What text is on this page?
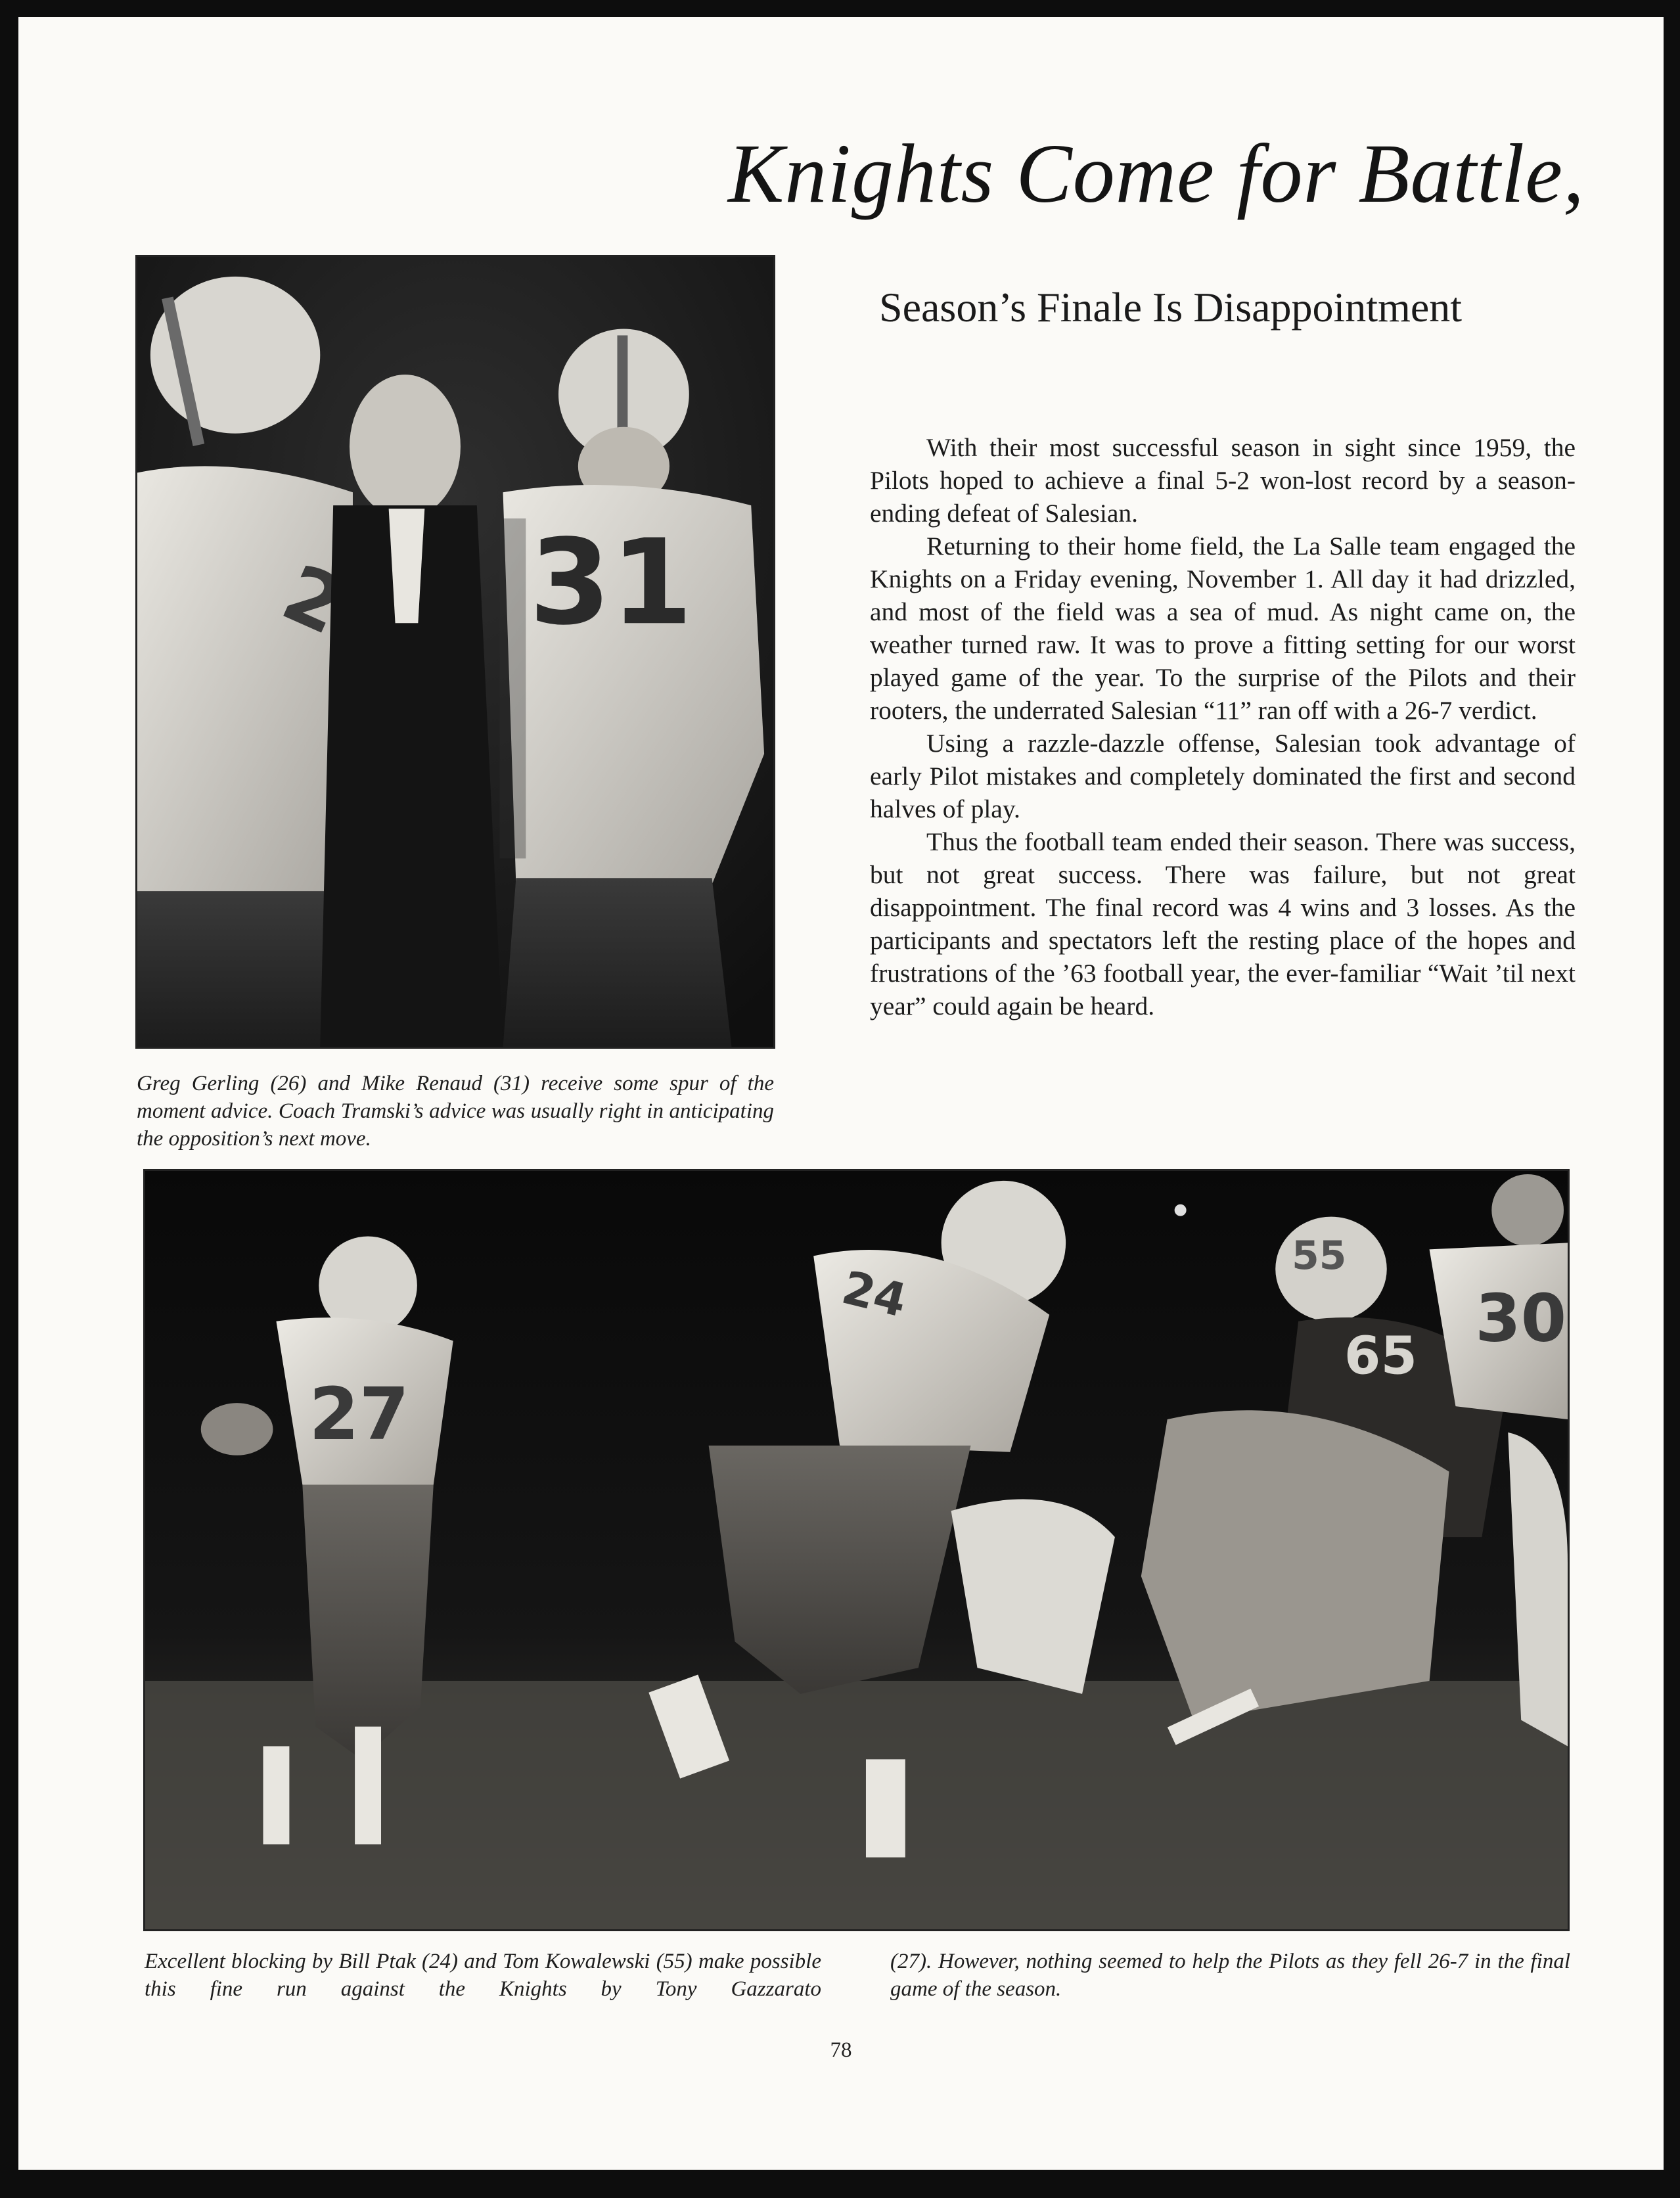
Knights Come for Battle,
Season’s Finale Is Disappointment

With their most successful season in sight since 1959, the Pilots hoped to achieve a final 5-2 won-lost record by a season-ending defeat of Salesian.

Returning to their home field, the La Salle team engaged the Knights on a Friday evening, November 1. All day it had drizzled, and most of the field was a sea of mud. As night came on, the weather turned raw. It was to prove a fitting setting for our worst played game of the year. To the surprise of the Pilots and their rooters, the underrated Salesian “11” ran off with a 26-7 verdict.

Using a razzle-dazzle offense, Salesian took advantage of early Pilot mistakes and completely dominated the first and second halves of play.

Thus the football team ended their season. There was success, but not great success. There was failure, but not great disappointment. The final record was 4 wins and 3 losses. As the participants and spectators left the resting place of the hopes and frustrations of the ’63 football year, the ever-familiar “Wait ’til next year” could again be heard.

31
Greg Gerling (26) and Mike Renaud (31) receive some spur of the moment advice. Coach Tramski’s advice was usually right in anticipating the opposition’s next move.
27
24
55
65 30
Excellent blocking by Bill Ptak (24) and Tom Kowalewski (55) make possible this fine run against the Knights by Tony Gazzarato
(27). However, nothing seemed to help the Pilots as they fell 26-7 in the final game of the season.
78
